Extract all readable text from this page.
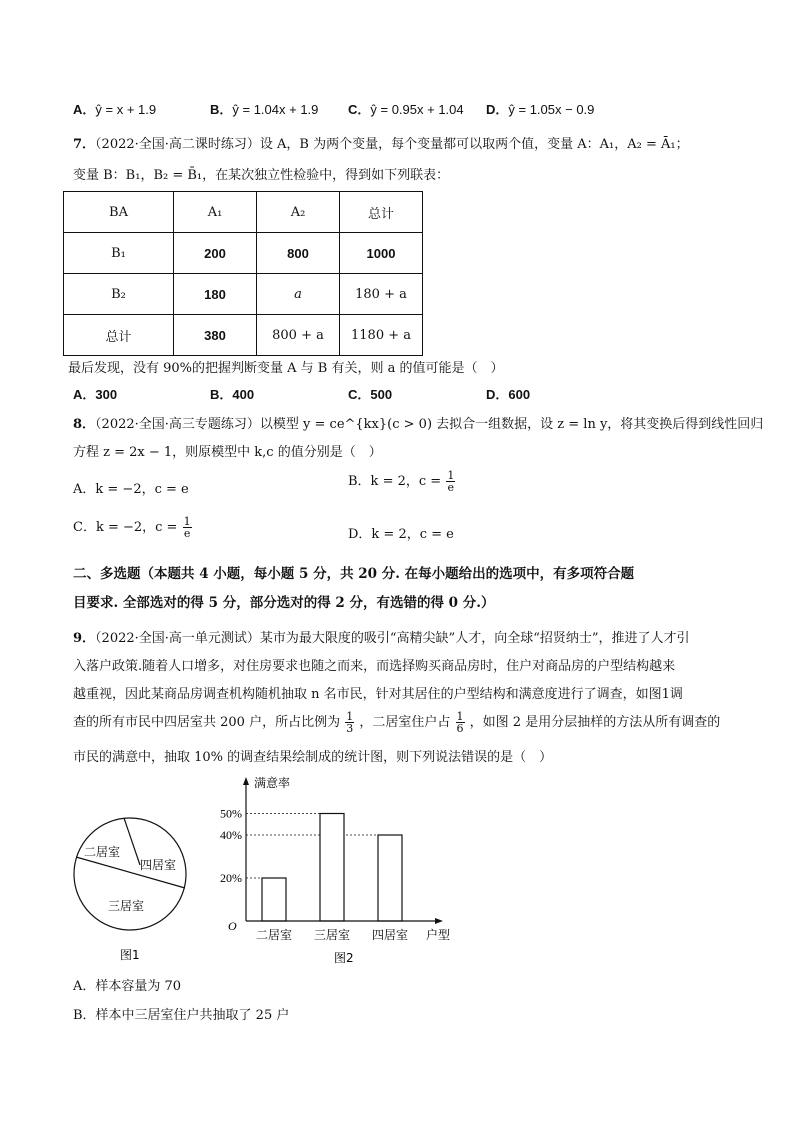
A．ŷ = x + 1.9	B．ŷ = 1.04x + 1.9 C．ŷ = 0.95x + 1.04 D．ŷ = 1.05x − 0.9
7．（2022·全国·高二课时练习）设 A，B 为两个变量，每个变量都可以取两个值，变量 A：A₁，A₂ = Ā₁；
变量 B：B₁，B₂ = B̄₁，在某次独立性检验中，得到如下列联表：
BA	A₁	A₂	总计
B₁	200	800	1000
B₂	180	a	180 + a
总计	380	800 + a	1180 + a
最后发现，没有 90%的把握判断变量 A 与 B 有关，则 a 的值可能是（　）
A．300	B．400	C．500	D．600
8．（2022·全国·高三专题练习）以模型 y = ce^{kx}(c > 0) 去拟合一组数据，设 z = ln y，将其变换后得到线性回归
方程 z = 2x − 1，则原模型中 k,c 的值分别是（　）
A．k = −2，c = e
B．k = 2，$c = \frac{1}{e}$
C．k = −2，$c = \frac{1}{e}$	D．k = 2，c = e
二、多选题（本题共 4 小题，每小题 5 分，共 20 分. 在每小题给出的选项中，有多项符合题
目要求. 全部选对的得 5 分，部分选对的得 2 分，有选错的得 0 分.）
9．（2022·全国·高一单元测试）某市为最大限度的吸引“高精尖缺”人才，向全球“招贤纳士”，推进了人才引
入落户政策.随着人口增多，对住房要求也随之而来，而选择购买商品房时，住户对商品房的户型结构越来
越重视，因此某商品房调查机构随机抽取 n 名市民，针对其居住的户型结构和满意度进行了调查，如图1调
查的所有市民中四居室共 200 户，所占比例为 $\frac{1}{3}$ ，二居室住户占 $\frac{1}{6}$ ，如图 2 是用分层抽样的方法从所有调查的
市民的满意中，抽取 10% 的调查结果绘制成的统计图，则下列说法错误的是（　）
二居室
四居室
三居室
图1
20%
40%
50%
二居室 三居室 四居室
满意率
户型
O
图2
A．样本容量为 70
B．样本中三居室住户共抽取了 25 户
